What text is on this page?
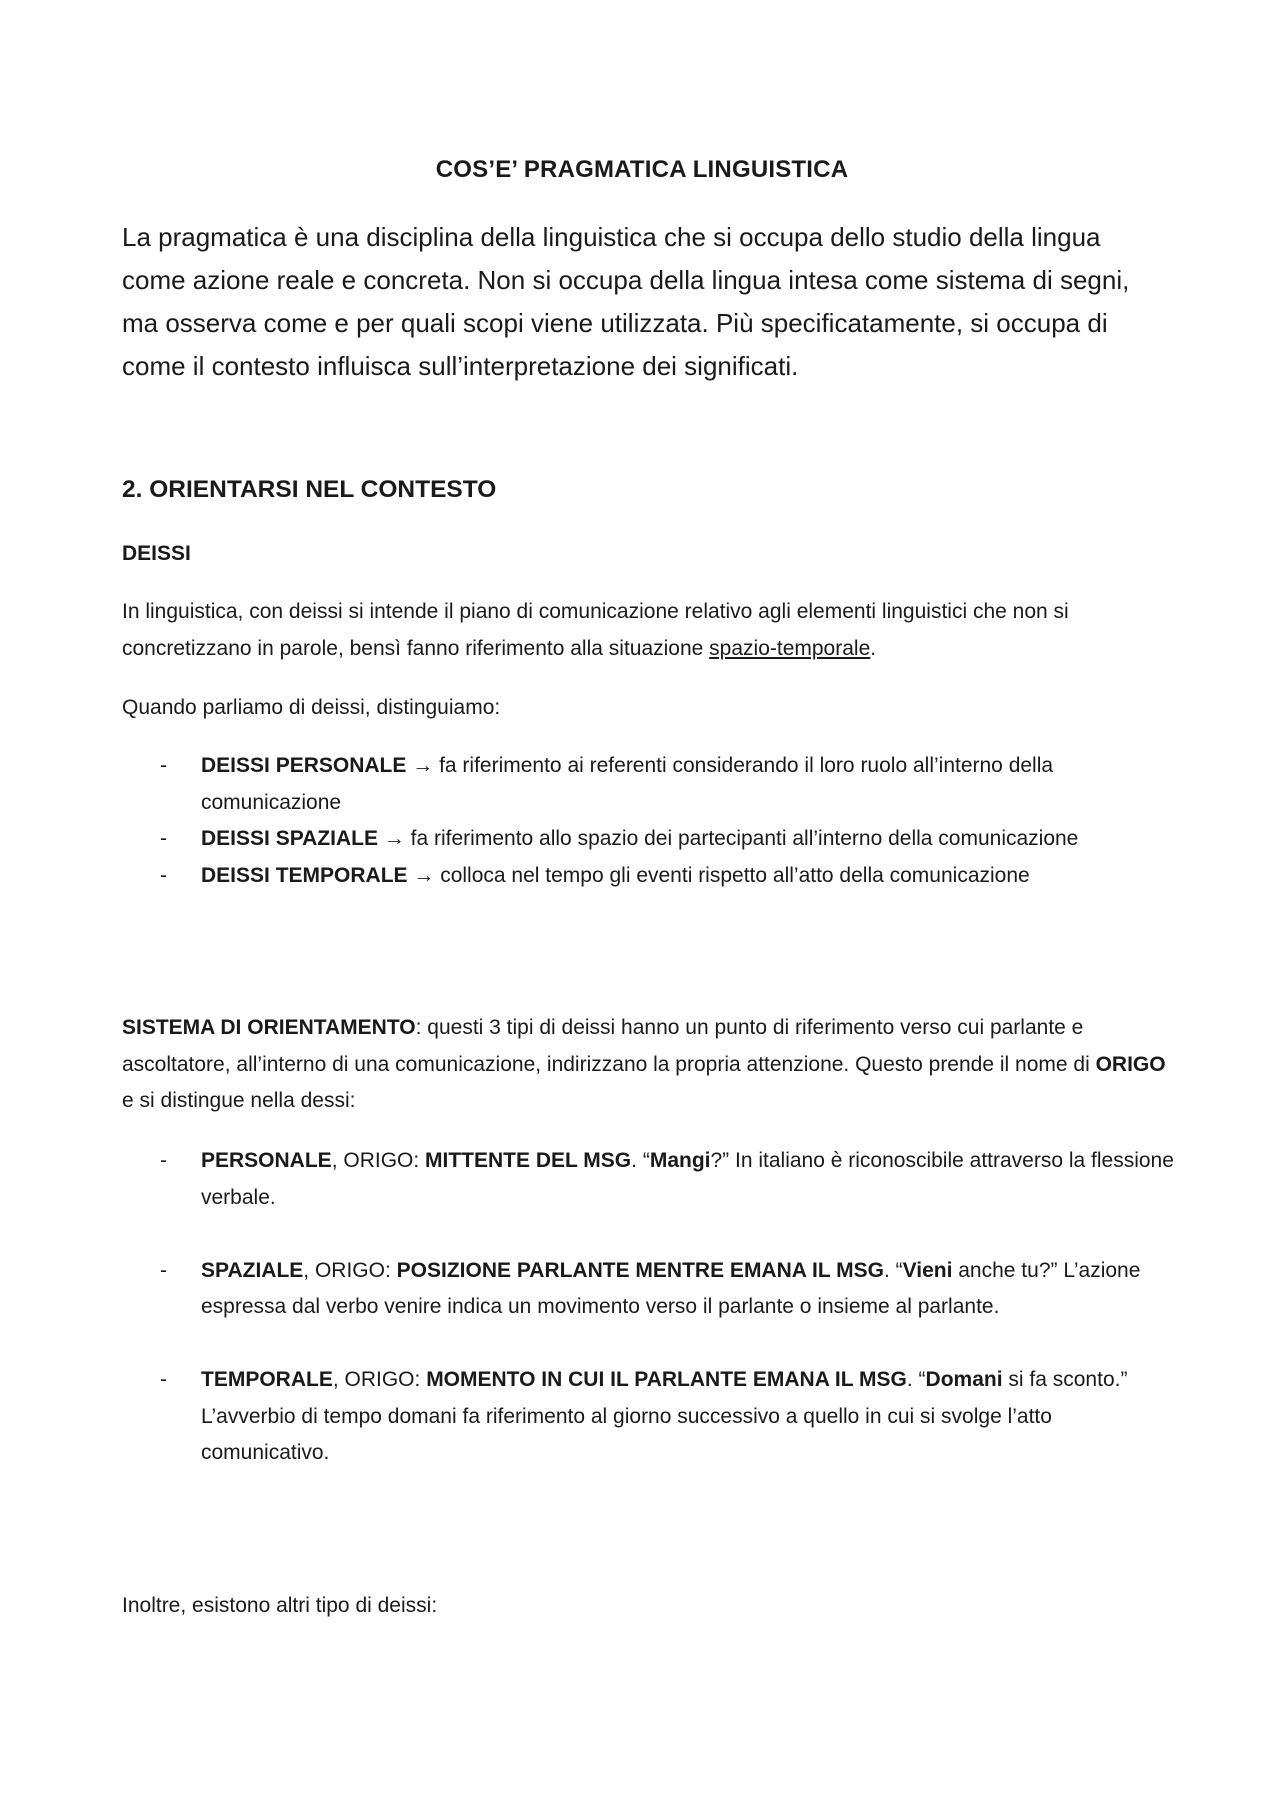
COS’E’ PRAGMATICA LINGUISTICA
La pragmatica è una disciplina della linguistica che si occupa dello studio della lingua come azione reale e concreta. Non si occupa della lingua intesa come sistema di segni, ma osserva come e per quali scopi viene utilizzata. Più specificatamente, si occupa di come il contesto influisca sull’interpretazione dei significati.
2. ORIENTARSI NEL CONTESTO
DEISSI
In linguistica, con deissi si intende il piano di comunicazione relativo agli elementi linguistici che non si concretizzano in parole, bensì fanno riferimento alla situazione spazio-temporale.
Quando parliamo di deissi, distinguiamo:
- DEISSI PERSONALE → fa riferimento ai referenti considerando il loro ruolo all’interno della comunicazione
- DEISSI SPAZIALE → fa riferimento allo spazio dei partecipanti all’interno della comunicazione
- DEISSI TEMPORALE → colloca nel tempo gli eventi rispetto all’atto della comunicazione
SISTEMA DI ORIENTAMENTO: questi 3 tipi di deissi hanno un punto di riferimento verso cui parlante e ascoltatore, all’interno di una comunicazione, indirizzano la propria attenzione. Questo prende il nome di ORIGO e si distingue nella dessi:
- PERSONALE, ORIGO: MITTENTE DEL MSG. “Mangi?” In italiano è riconoscibile attraverso la flessione verbale.
- SPAZIALE, ORIGO: POSIZIONE PARLANTE MENTRE EMANA IL MSG. “Vieni anche tu?” L’azione espressa dal verbo venire indica un movimento verso il parlante o insieme al parlante.
- TEMPORALE, ORIGO: MOMENTO IN CUI IL PARLANTE EMANA IL MSG. “Domani si fa sconto.” L’avverbio di tempo domani fa riferimento al giorno successivo a quello in cui si svolge l’atto comunicativo.
Inoltre, esistono altri tipo di deissi:
